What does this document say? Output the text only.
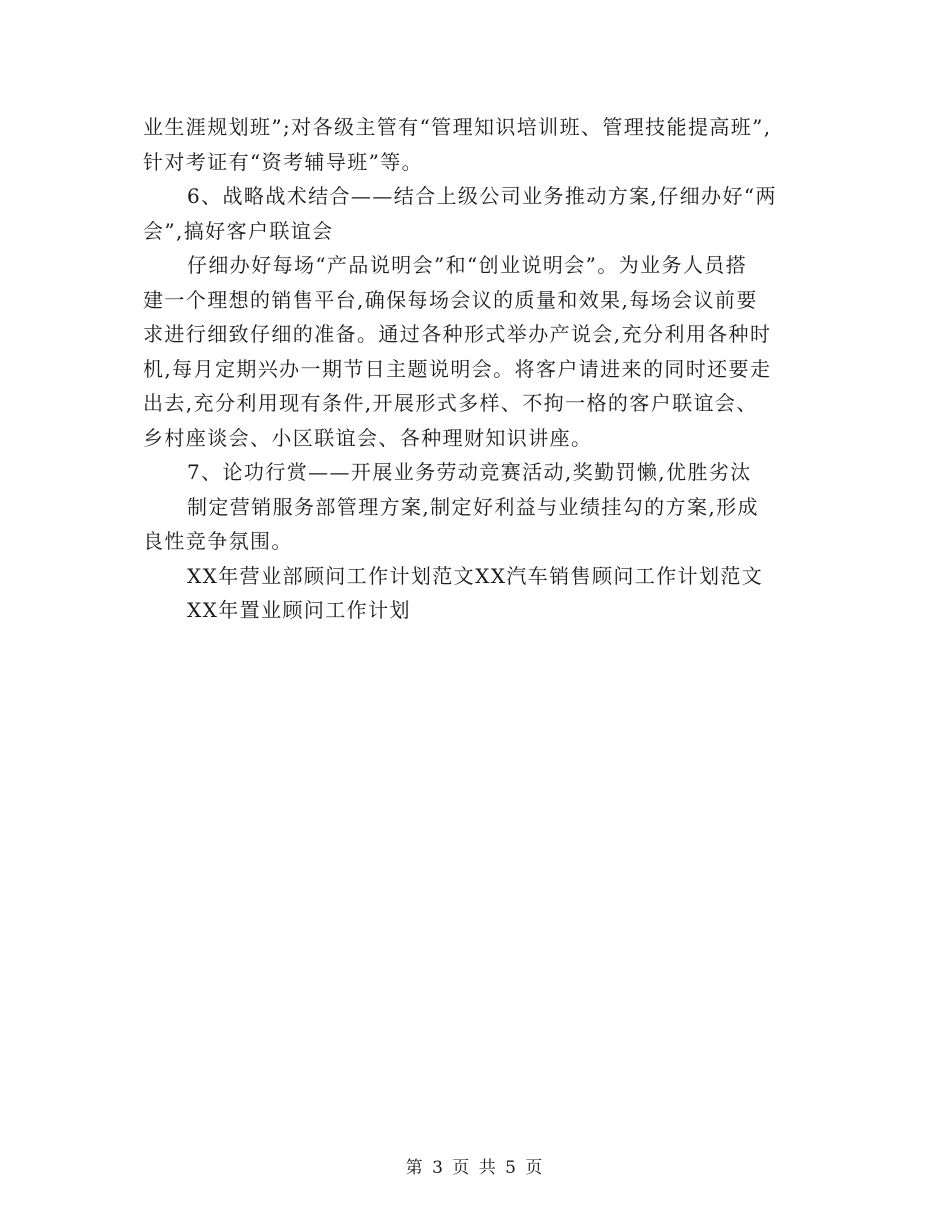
业生涯规划班”;对各级主管有“管理知识培训班、管理技能提高班”,
针对考证有“资考辅导班”等。
6、战略战术结合——结合上级公司业务推动方案,仔细办好“两
会”,搞好客户联谊会
仔细办好每场“产品说明会”和“创业说明会”。为业务人员搭
建一个理想的销售平台,确保每场会议的质量和效果,每场会议前要
求进行细致仔细的准备。通过各种形式举办产说会,充分利用各种时
机,每月定期兴办一期节日主题说明会。将客户请进来的同时还要走
出去,充分利用现有条件,开展形式多样、不拘一格的客户联谊会、
乡村座谈会、小区联谊会、各种理财知识讲座。
7、论功行赏——开展业务劳动竞赛活动,奖勤罚懒,优胜劣汰
制定营销服务部管理方案,制定好利益与业绩挂勾的方案,形成
良性竞争氛围。
XX年营业部顾问工作计划范文XX汽车销售顾问工作计划范文
XX年置业顾问工作计划
第 3 页 共 5 页
